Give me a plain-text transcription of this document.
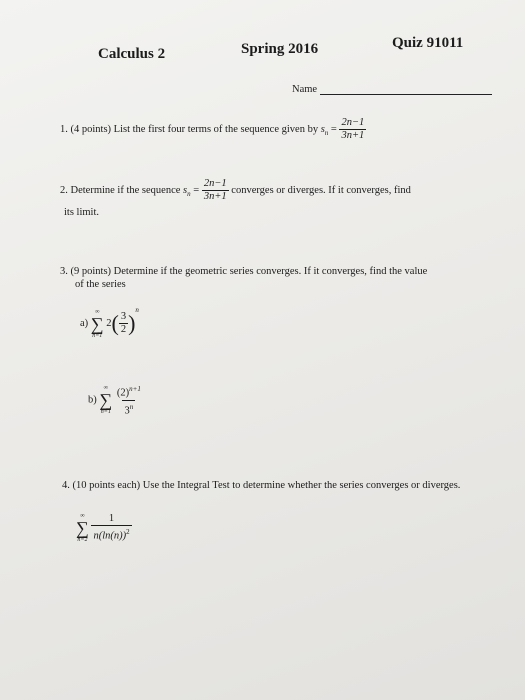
Calculus 2	Spring 2016	Quiz 91011
Name
1. (4 points) List the first four terms of the sequence given by $s_n = \frac{2n-1}{3n+1}$
2. Determine if the sequence $s_n = \frac{2n-1}{3n+1}$ converges or diverges. If it converges, find
its limit.
3. (9 points) Determine if the geometric series converges. If it converges, find the value
of the series
a)
∞
∑
n=1
$2( \frac{3}{2} )^n$
b)
∞
∑
n=1
$\frac{(2)^{n+1}}{3^n}$
4. (10 points each) Use the Integral Test to determine whether the series converges or diverges.
∞
∑
n=2
$\frac{1}{n(\ln(n))^2}$
